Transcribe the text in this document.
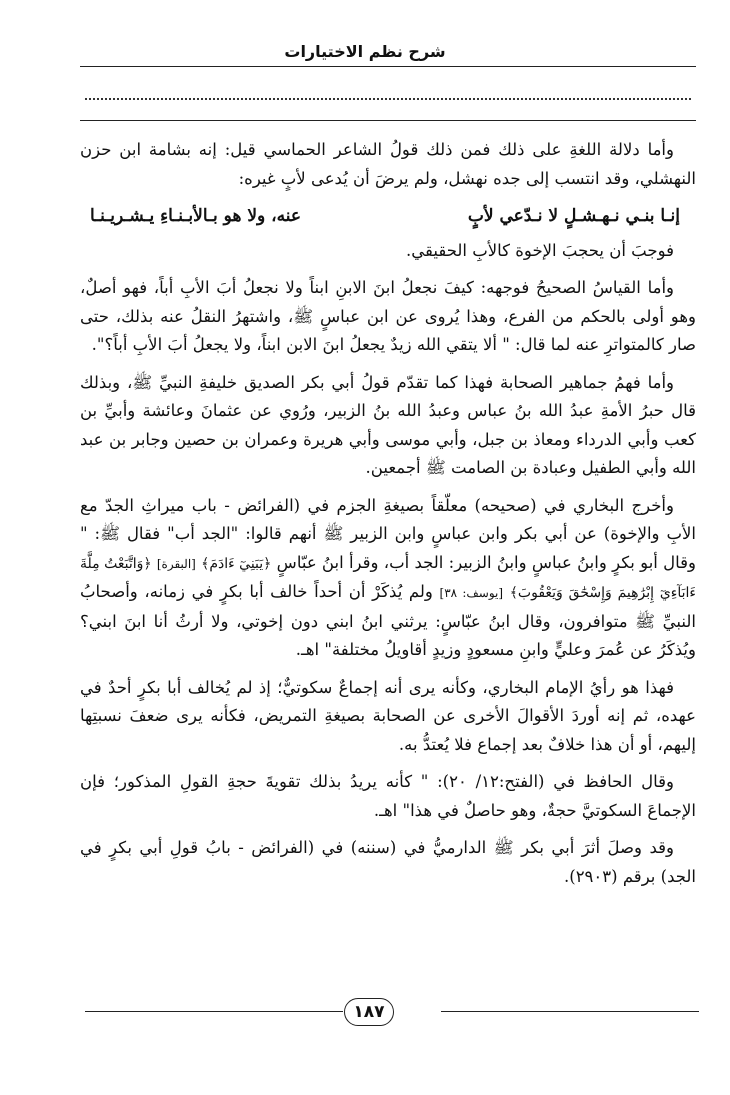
شرح نظم الاختيارات

وأما دلالة اللغةِ على ذلك فمن ذلك قولُ الشاعر الحماسي قيل: إنه بشامة ابن حزن النهشلي، وقد انتسب إلى جده نهشل، ولم يرضَ أن يُدعى لأبٍ غيره:

إنـا بنـي نـهـشـلٍ لا نـدّعي لأبٍ
عنه، ولا هو بـالأبـنـاءِ يـشـريـنـا

فوجبَ أن يحجبَ الإخوة كالأبِ الحقيقي.

وأما القياسُ الصحيحُ فوجهه: كيفَ نجعلُ ابنَ الابنِ ابناً ولا نجعلُ أبَ الأبِ أباً، فهو أصلٌ، وهو أولى بالحكم من الفرع، وهذا يُروى عن ابن عباسٍ ﷺ، واشتهرُ النقلُ عنه بذلك، حتى صار كالمتواترِ عنه لما قال: " ألا يتقي الله زيدٌ يجعلُ ابنَ الابن ابناً، ولا يجعلُ أبَ الأبِ أباً؟".

وأما فهمُ جماهير الصحابة فهذا كما تقدّم قولُ أبي بكر الصديق خليفةِ النبيِّ ﷺ، وبذلك قال حبرُ الأمةِ عبدُ الله بنُ عباس وعبدُ الله بنُ الزبير، ورُوي عن عثمانَ وعائشة وأبيِّ بن كعب وأبي الدرداء ومعاذ بن جبل، وأبي موسى وأبي هريرة وعمران بن حصين وجابر بن عبد الله وأبي الطفيل وعبادة بن الصامت ﷺ أجمعين.

وأخرج البخاري في (صحيحه) معلّقاً بصيغةِ الجزم في (الفرائض - باب ميراثِ الجدّ مع الأبِ والإخوة) عن أبي بكر وابن عباسٍ وابن الزبير ﷺ أنهم قالوا: "الجد أب" فقال ﷺ: " وقال أبو بكرٍ وابنُ عباسٍ وابنُ الزبير: الجد أب، وقرأ ابنُ عبّاسٍ ﴿يَبَنِيٓ ءَادَمَ﴾ [البقرة] ﴿وَاتَّبَعْتُ مِلَّةَ ءَابَآءِيٓ إِبْرَٰهِيمَ وَإِسْحَٰقَ وَيَعْقُوبَ﴾ [يوسف: ٣٨] ولم يُذكَرْ أن أحداً خالف أبا بكرٍ في زمانه، وأصحابُ النبيِّ ﷺ متوافرون، وقال ابنُ عبّاسٍ: يرثني ابنُ ابني دون إخوتي، ولا أرثُ أنا ابنَ ابني؟ ويُذكَرُ عن عُمرَ وعليٍّ وابنِ مسعودٍ وزيدٍ أقاويلُ مختلفة" اهـ.

فهذا هو رأيُ الإمام البخاري، وكأنه يرى أنه إجماعٌ سكوتيٌّ؛ إذ لم يُخالف أبا بكرٍ أحدٌ في عهده، ثم إنه أوردَ الأقوالَ الأخرى عن الصحابة بصيغةِ التمريض، فكأنه يرى ضعفَ نسبتِها إليهم، أو أن هذا خلافٌ بعد إجماع فلا يُعتدُّ به.

وقال الحافظ في (الفتح:١٢/ ٢٠): " كأنه يريدُ بذلك تقويةَ حجةِ القولِ المذكور؛ فإن الإجماعَ السكوتيَّ حجةٌ، وهو حاصلٌ في هذا" اهـ.

وقد وصلَ أثرَ أبي بكر ﷺ الدارميُّ في (سننه) في (الفرائض - بابُ قولِ أبي بكرٍ في الجد) برقم (٢٩٠٣).

١٨٧
